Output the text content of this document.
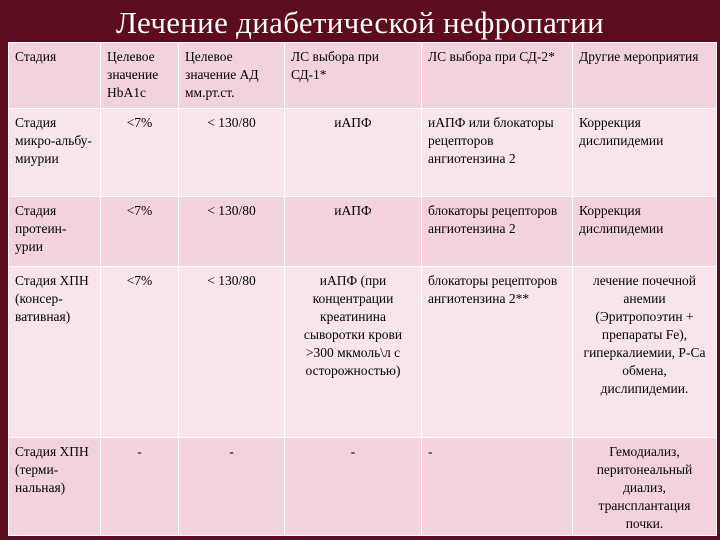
Лечение диабетической нефропатии
Стадия	Целевое значение HbA1c	Целевое значение АД мм.рт.ст.	ЛС выбора при СД-1*	ЛС выбора при СД-2*	Другие мероприятия
Стадия микро-альбу-миурии	<7%	< 130/80	иАПФ	иАПФ или блокаторы рецепторов ангиотензина 2	Коррекция дислипидемии
Стадия протеин-урии	<7%	< 130/80	иАПФ	блокаторы рецепторов ангиотензина 2	Коррекция дислипидемии
Стадия ХПН (консер-вативная)	<7%	< 130/80	иАПФ (при концентрации креатинина сыворотки крови >300 мкмоль\л с осторожностью)	блокаторы рецепторов ангиотензина 2**	лечение почечной анемии (Эритропоэтин + препараты Fe), гиперкалиемии, Р-Са обмена, дислипидемии.
Стадия ХПН (терми-нальная)	-	-	-	-	Гемодиализ, перитонеальный диализ, трансплантация почки.
